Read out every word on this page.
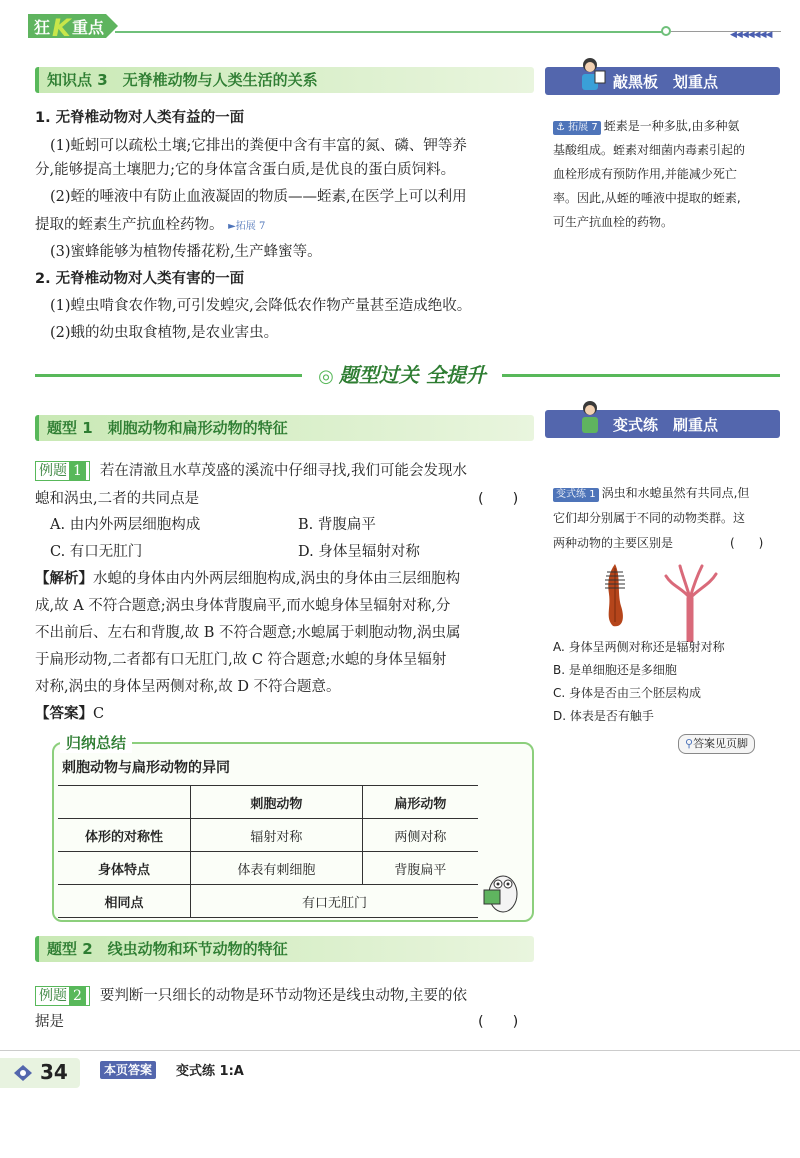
狂 K 重点	◀◀◀◀◀◀◀
知识点 3　无脊椎动物与人类生活的关系
1. 无脊椎动物对人类有益的一面
(1)蚯蚓可以疏松土壤;它排出的粪便中含有丰富的氮、磷、钾等养
分,能够提高土壤肥力;它的身体富含蛋白质,是优良的蛋白质饲料。
(2)蛭的唾液中有防止血液凝固的物质——蛭素,在医学上可以利用
提取的蛭素生产抗血栓药物。 ►拓展 7
(3)蜜蜂能够为植物传播花粉,生产蜂蜜等。
2. 无脊椎动物对人类有害的一面
(1)蝗虫啃食农作物,可引发蝗灾,会降低农作物产量甚至造成绝收。
(2)蛾的幼虫取食植物,是农业害虫。
敲黑板　划重点
⚓ 拓展 7 蛭素是一种多肽,由多种氨
基酸组成。蛭素对细菌内毒素引起的
血栓形成有预防作用,并能减少死亡
率。因此,从蛭的唾液中提取的蛭素,
可生产抗血栓的药物。
◎ 题型过关 全提升
题型 1　刺胞动物和扁形动物的特征
例题 1 若在清澈且水草茂盛的溪流中仔细寻找,我们可能会发现水
螅和涡虫,二者的共同点是	(　　)
A. 由内外两层细胞构成	B. 背腹扁平
C. 有口无肛门	D. 身体呈辐射对称
【解析】水螅的身体由内外两层细胞构成,涡虫的身体由三层细胞构
成,故 A 不符合题意;涡虫身体背腹扁平,而水螅身体呈辐射对称,分
不出前后、左右和背腹,故 B 不符合题意;水螅属于刺胞动物,涡虫属
于扁形动物,二者都有口无肛门,故 C 符合题意;水螅的身体呈辐射
对称,涡虫的身体呈两侧对称,故 D 不符合题意。
【答案】C
归纳总结
刺胞动物与扁形动物的异同
	刺胞动物	扁形动物
体形的对称性	辐射对称	两侧对称
身体特点	体表有刺细胞	背腹扁平
相同点	有口无肛门	
变式练　刷重点
变式练 1 涡虫和水螅虽然有共同点,但
它们却分别属于不同的动物类群。这
两种动物的主要区别是	(　　)
A. 身体呈两侧对称还是辐射对称
B. 是单细胞还是多细胞
C. 身体是否由三个胚层构成
D. 体表是否有触手
⚲答案见页脚
题型 2　线虫动物和环节动物的特征
例题 2 要判断一只细长的动物是环节动物还是线虫动物,主要的依
据是	(　　)
34	本页答案	变式练 1:A
